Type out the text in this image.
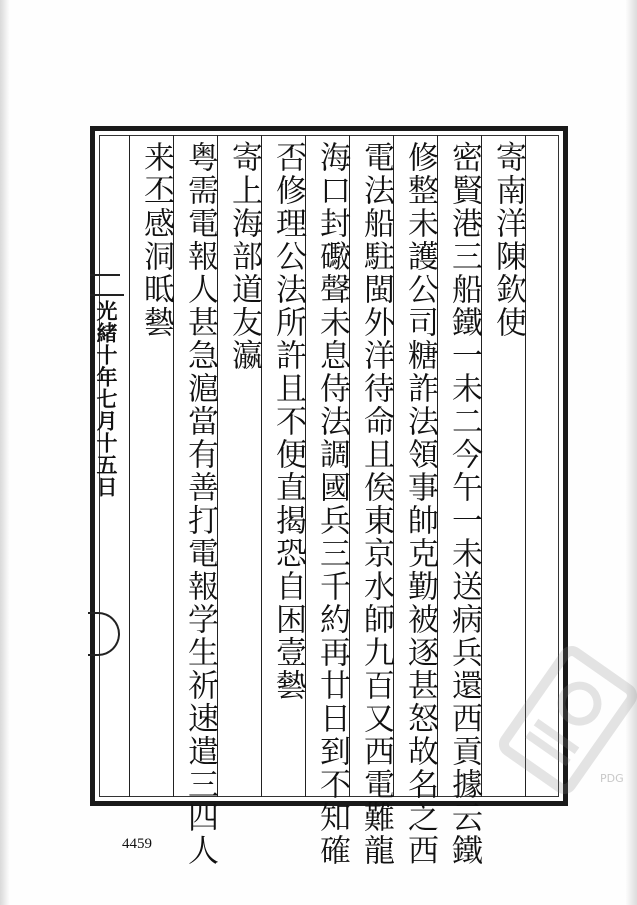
寄南洋陳欽使
密賢港三船鐵一未二今午一未送病兵還西貢據云鐵
修整未護公司糖詐法領事帥克勤被逐甚怒故名之西
電法船駐閩外洋待命且俟東京水師九百又西電難龍
海口封礮聲未息侍法調國兵三千約再廿日到不知確
否修理公法所許且不便直揭恐自困壹㙯
寄上海部道友瀛
粤需電報人甚急滬當有善打電報学生祈速遣三四人
来丕感洞㫝㙯
光緒十年七月十五日
PDG
4459
